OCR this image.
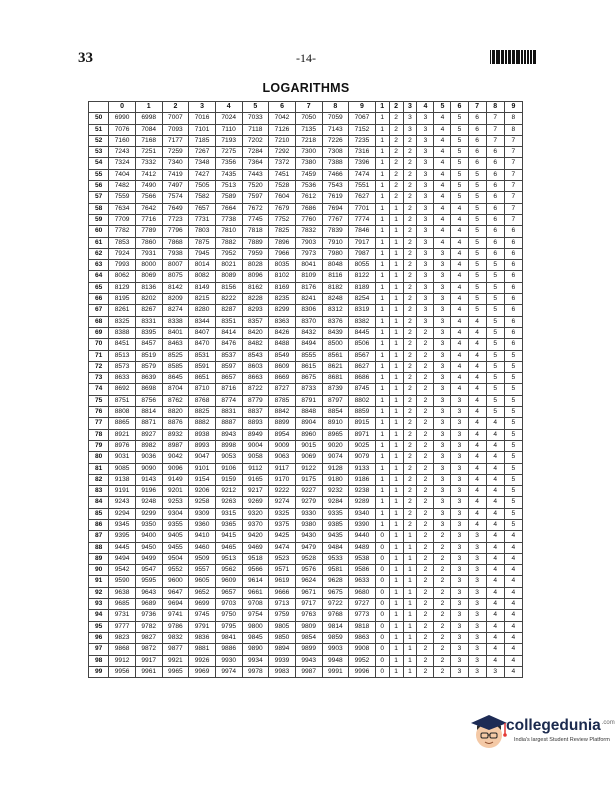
33	-14-
LOGARITHMS
	0	1	2	3	4	5	6	7	8	9	1	2	3	4	5	6	7	8	9
50	6990	6998	7007	7016	7024	7033	7042	7050	7059	7067	1	2	3	3	4	5	6	7	8
51	7076	7084	7093	7101	7110	7118	7126	7135	7143	7152	1	2	3	3	4	5	6	7	8
52	7160	7168	7177	7185	7193	7202	7210	7218	7226	7235	1	2	2	3	4	5	6	7	7
53	7243	7251	7259	7267	7275	7284	7292	7300	7308	7316	1	2	2	3	4	5	6	6	7
54	7324	7332	7340	7348	7356	7364	7372	7380	7388	7396	1	2	2	3	4	5	6	6	7
55	7404	7412	7419	7427	7435	7443	7451	7459	7466	7474	1	2	2	3	4	5	5	6	7
56	7482	7490	7497	7505	7513	7520	7528	7536	7543	7551	1	2	2	3	4	5	5	6	7
57	7559	7566	7574	7582	7589	7597	7604	7612	7619	7627	1	2	2	3	4	5	5	6	7
58	7634	7642	7649	7657	7664	7672	7679	7686	7694	7701	1	1	2	3	4	4	5	6	7
59	7709	7716	7723	7731	7738	7745	7752	7760	7767	7774	1	1	2	3	4	4	5	6	7
60	7782	7789	7796	7803	7810	7818	7825	7832	7839	7846	1	1	2	3	4	4	5	6	6
61	7853	7860	7868	7875	7882	7889	7896	7903	7910	7917	1	1	2	3	4	4	5	6	6
62	7924	7931	7938	7945	7952	7959	7966	7973	7980	7987	1	1	2	3	3	4	5	6	6
63	7993	8000	8007	8014	8021	8028	8035	8041	8048	8055	1	1	2	3	3	4	5	5	6
64	8062	8069	8075	8082	8089	8096	8102	8109	8116	8122	1	1	2	3	3	4	5	5	6
65	8129	8136	8142	8149	8156	8162	8169	8176	8182	8189	1	1	2	3	3	4	5	5	6
66	8195	8202	8209	8215	8222	8228	8235	8241	8248	8254	1	1	2	3	3	4	5	5	6
67	8261	8267	8274	8280	8287	8293	8299	8306	8312	8319	1	1	2	3	3	4	5	5	6
68	8325	8331	8338	8344	8351	8357	8363	8370	8376	8382	1	1	2	3	3	4	4	5	6
69	8388	8395	8401	8407	8414	8420	8426	8432	8439	8445	1	1	2	2	3	4	4	5	6
70	8451	8457	8463	8470	8476	8482	8488	8494	8500	8506	1	1	2	2	3	4	4	5	6
71	8513	8519	8525	8531	8537	8543	8549	8555	8561	8567	1	1	2	2	3	4	4	5	5
72	8573	8579	8585	8591	8597	8603	8609	8615	8621	8627	1	1	2	2	3	4	4	5	5
73	8633	8639	8645	8651	8657	8663	8669	8675	8681	8686	1	1	2	2	3	4	4	5	5
74	8692	8698	8704	8710	8716	8722	8727	8733	8739	8745	1	1	2	2	3	4	4	5	5
75	8751	8756	8762	8768	8774	8779	8785	8791	8797	8802	1	1	2	2	3	3	4	5	5
76	8808	8814	8820	8825	8831	8837	8842	8848	8854	8859	1	1	2	2	3	3	4	5	5
77	8865	8871	8876	8882	8887	8893	8899	8904	8910	8915	1	1	2	2	3	3	4	4	5
78	8921	8927	8932	8938	8943	8949	8954	8960	8965	8971	1	1	2	2	3	3	4	4	5
79	8976	8982	8987	8993	8998	9004	9009	9015	9020	9025	1	1	2	2	3	3	4	4	5
80	9031	9036	9042	9047	9053	9058	9063	9069	9074	9079	1	1	2	2	3	3	4	4	5
81	9085	9090	9096	9101	9106	9112	9117	9122	9128	9133	1	1	2	2	3	3	4	4	5
82	9138	9143	9149	9154	9159	9165	9170	9175	9180	9186	1	1	2	2	3	3	4	4	5
83	9191	9196	9201	9206	9212	9217	9222	9227	9232	9238	1	1	2	2	3	3	4	4	5
84	9243	9248	9253	9258	9263	9269	9274	9279	9284	9289	1	1	2	2	3	3	4	4	5
85	9294	9299	9304	9309	9315	9320	9325	9330	9335	9340	1	1	2	2	3	3	4	4	5
86	9345	9350	9355	9360	9365	9370	9375	9380	9385	9390	1	1	2	2	3	3	4	4	5
87	9395	9400	9405	9410	9415	9420	9425	9430	9435	9440	0	1	1	2	2	3	3	4	4
88	9445	9450	9455	9460	9465	9469	9474	9479	9484	9489	0	1	1	2	2	3	3	4	4
89	9494	9499	9504	9509	9513	9518	9523	9528	9533	9538	0	1	1	2	2	3	3	4	4
90	9542	9547	9552	9557	9562	9566	9571	9576	9581	9586	0	1	1	2	2	3	3	4	4
91	9590	9595	9600	9605	9609	9614	9619	9624	9628	9633	0	1	1	2	2	3	3	4	4
92	9638	9643	9647	9652	9657	9661	9666	9671	9675	9680	0	1	1	2	2	3	3	4	4
93	9685	9689	9694	9699	9703	9708	9713	9717	9722	9727	0	1	1	2	2	3	3	4	4
94	9731	9736	9741	9745	9750	9754	9759	9763	9768	9773	0	1	1	2	2	3	3	4	4
95	9777	9782	9786	9791	9795	9800	9805	9809	9814	9818	0	1	1	2	2	3	3	4	4
96	9823	9827	9832	9836	9841	9845	9850	9854	9859	9863	0	1	1	2	2	3	3	4	4
97	9868	9872	9877	9881	9886	9890	9894	9899	9903	9908	0	1	1	2	2	3	3	4	4
98	9912	9917	9921	9926	9930	9934	9939	9943	9948	9952	0	1	1	2	2	3	3	4	4
99	9956	9961	9965	9969	9974	9978	9983	9987	9991	9996	0	1	1	2	2	3	3	3	4
collegedunia$^{.com}$
India's largest Student Review Platform
